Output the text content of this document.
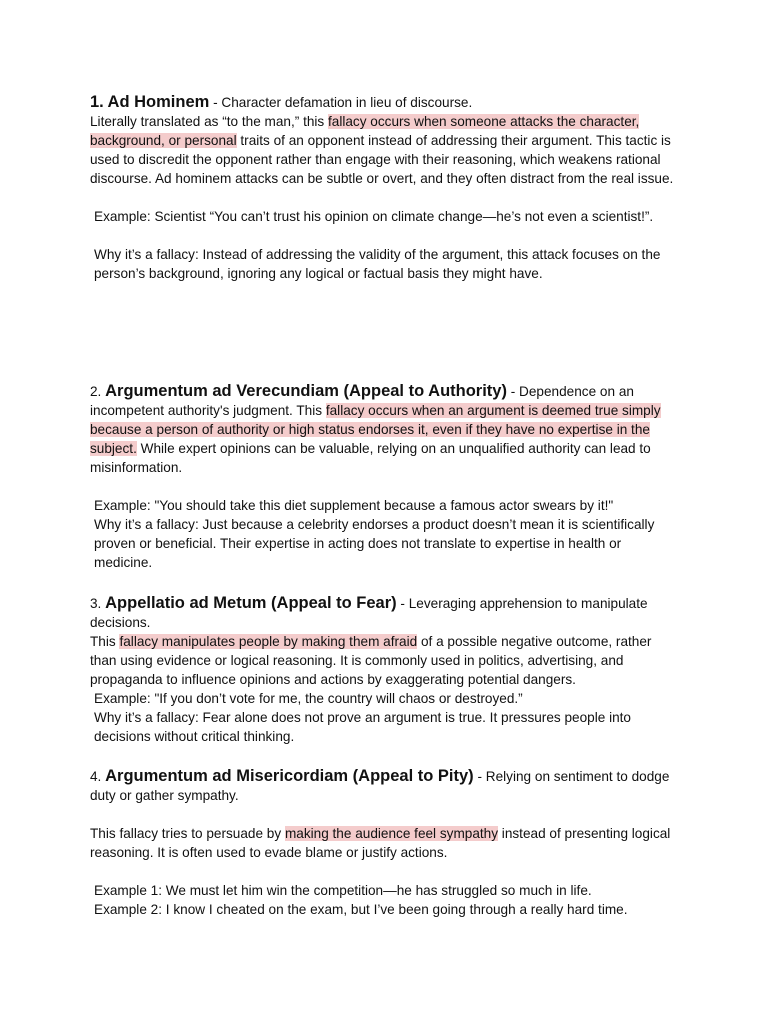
1. Ad Hominem - Character defamation in lieu of discourse.

Literally translated as “to the man,” this fallacy occurs when someone attacks the character, background, or personal traits of an opponent instead of addressing their argument. This tactic is used to discredit the opponent rather than engage with their reasoning, which weakens rational discourse. Ad hominem attacks can be subtle or overt, and they often distract from the real issue.

Example: Scientist “You can’t trust his opinion on climate change—he’s not even a scientist!”.

Why it’s a fallacy: Instead of addressing the validity of the argument, this attack focuses on the person’s background, ignoring any logical or factual basis they might have.

2. Argumentum ad Verecundiam (Appeal to Authority) - Dependence on an incompetent authority's judgment. This fallacy occurs when an argument is deemed true simply because a person of authority or high status endorses it, even if they have no expertise in the subject. While expert opinions can be valuable, relying on an unqualified authority can lead to misinformation.

Example: "You should take this diet supplement because a famous actor swears by it!"

Why it’s a fallacy: Just because a celebrity endorses a product doesn’t mean it is scientifically proven or beneficial. Their expertise in acting does not translate to expertise in health or medicine.

3. Appellatio ad Metum (Appeal to Fear) - Leveraging apprehension to manipulate decisions.

This fallacy manipulates people by making them afraid of a possible negative outcome, rather than using evidence or logical reasoning. It is commonly used in politics, advertising, and propaganda to influence opinions and actions by exaggerating potential dangers.

Example: "If you don’t vote for me, the country will chaos or destroyed.”

Why it’s a fallacy: Fear alone does not prove an argument is true. It pressures people into decisions without critical thinking.

4. Argumentum ad Misericordiam (Appeal to Pity) - Relying on sentiment to dodge duty or gather sympathy.

This fallacy tries to persuade by making the audience feel sympathy instead of presenting logical reasoning. It is often used to evade blame or justify actions.

Example 1: We must let him win the competition—he has struggled so much in life.

Example 2: I know I cheated on the exam, but I’ve been going through a really hard time.
